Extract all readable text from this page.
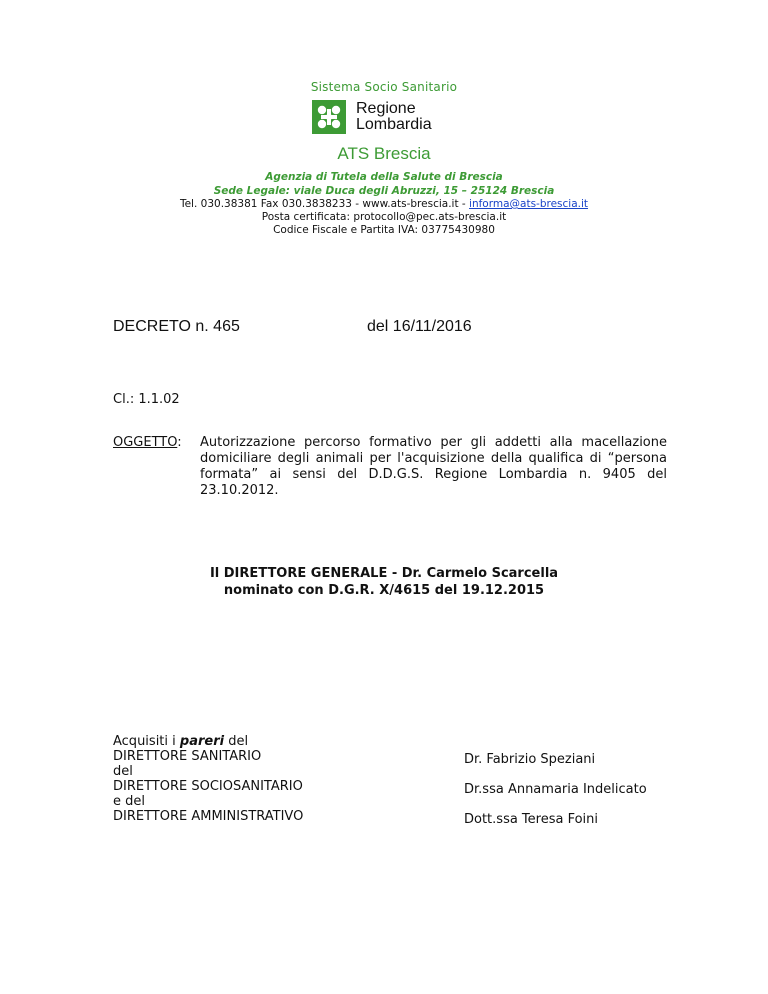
Sistema Socio Sanitario
Regione
Lombardia
ATS Brescia
Agenzia di Tutela della Salute di Brescia
Sede Legale: viale Duca degli Abruzzi, 15 – 25124 Brescia
Tel. 030.38381 Fax 030.3838233 - www.ats-brescia.it - informa@ats-brescia.it
Posta certificata: protocollo@pec.ats-brescia.it
Codice Fiscale e Partita IVA: 03775430980
DECRETO n. 465	del 16/11/2016
Cl.: 1.1.02
OGGETTO: Autorizzazione percorso formativo per gli addetti alla macellazione domiciliare degli animali per l'acquisizione della qualifica di “persona formata” ai sensi del D.D.G.S. Regione Lombardia n. 9405 del 23.10.2012.
Il DIRETTORE GENERALE - Dr. Carmelo Scarcella
nominato con D.G.R. X/4615 del 19.12.2015
Acquisiti i pareri del
DIRETTORE SANITARIO
del
DIRETTORE SOCIOSANITARIO
e del
DIRETTORE AMMINISTRATIVO
Dr. Fabrizio Speziani
Dr.ssa Annamaria Indelicato
Dott.ssa Teresa Foini
